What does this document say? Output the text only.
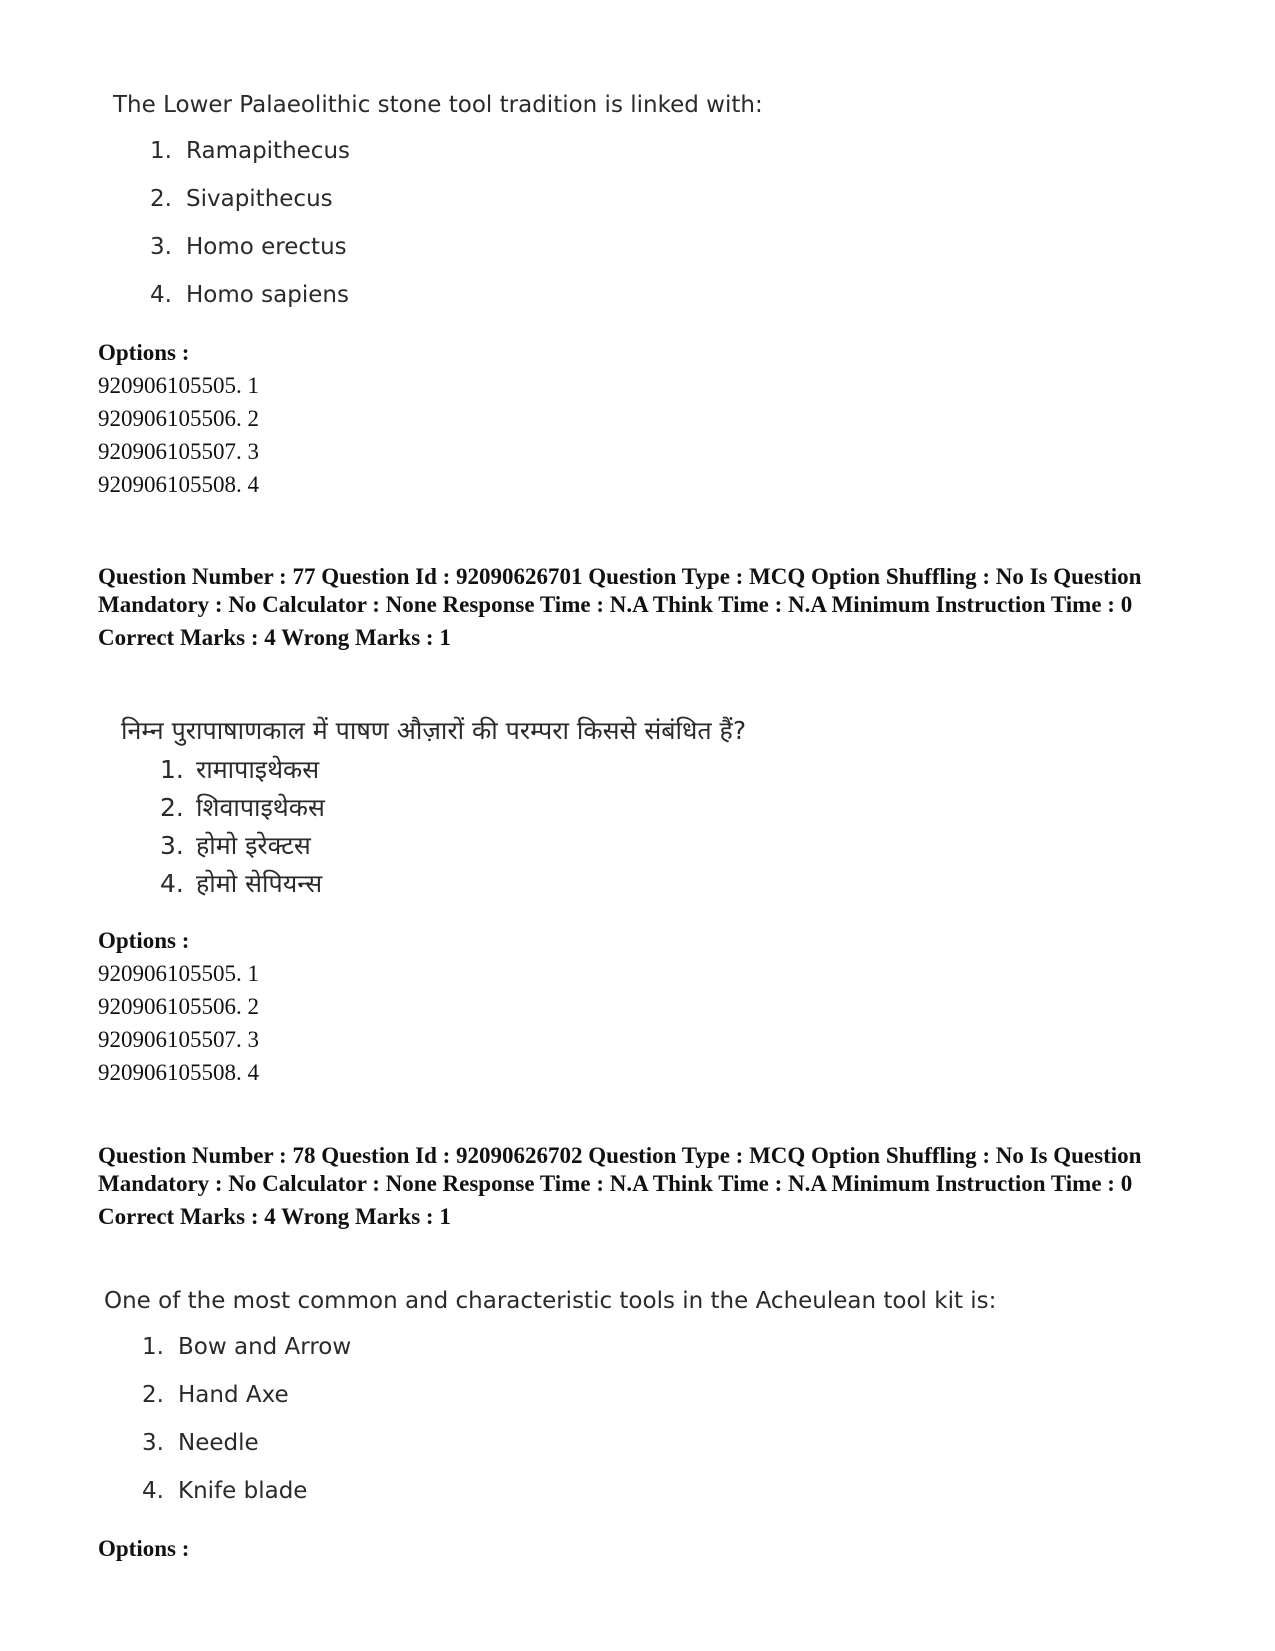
The Lower Palaeolithic stone tool tradition is linked with:

1. Ramapithecus
2. Sivapithecus
3. Homo erectus
4. Homo sapiens

Options :

920906105505. 1
920906105506. 2
920906105507. 3
920906105508. 4

Question Number : 77 Question Id : 92090626701 Question Type : MCQ Option Shuffling : No Is Question Mandatory : No Calculator : None Response Time : N.A Think Time : N.A Minimum Instruction Time : 0

Correct Marks : 4 Wrong Marks : 1

निम्न पुरापाषाणकाल में पाषण औज़ारों की परम्परा किससे संबंधित हैं?

1. रामापाइथेकस
2. शिवापाइथेकस
3. होमो इरेक्टस
4. होमो सेपियन्स

Options :

920906105505. 1
920906105506. 2
920906105507. 3
920906105508. 4

Question Number : 78 Question Id : 92090626702 Question Type : MCQ Option Shuffling : No Is Question Mandatory : No Calculator : None Response Time : N.A Think Time : N.A Minimum Instruction Time : 0

Correct Marks : 4 Wrong Marks : 1

One of the most common and characteristic tools in the Acheulean tool kit is:

1. Bow and Arrow
2. Hand Axe
3. Needle
4. Knife blade

Options :
